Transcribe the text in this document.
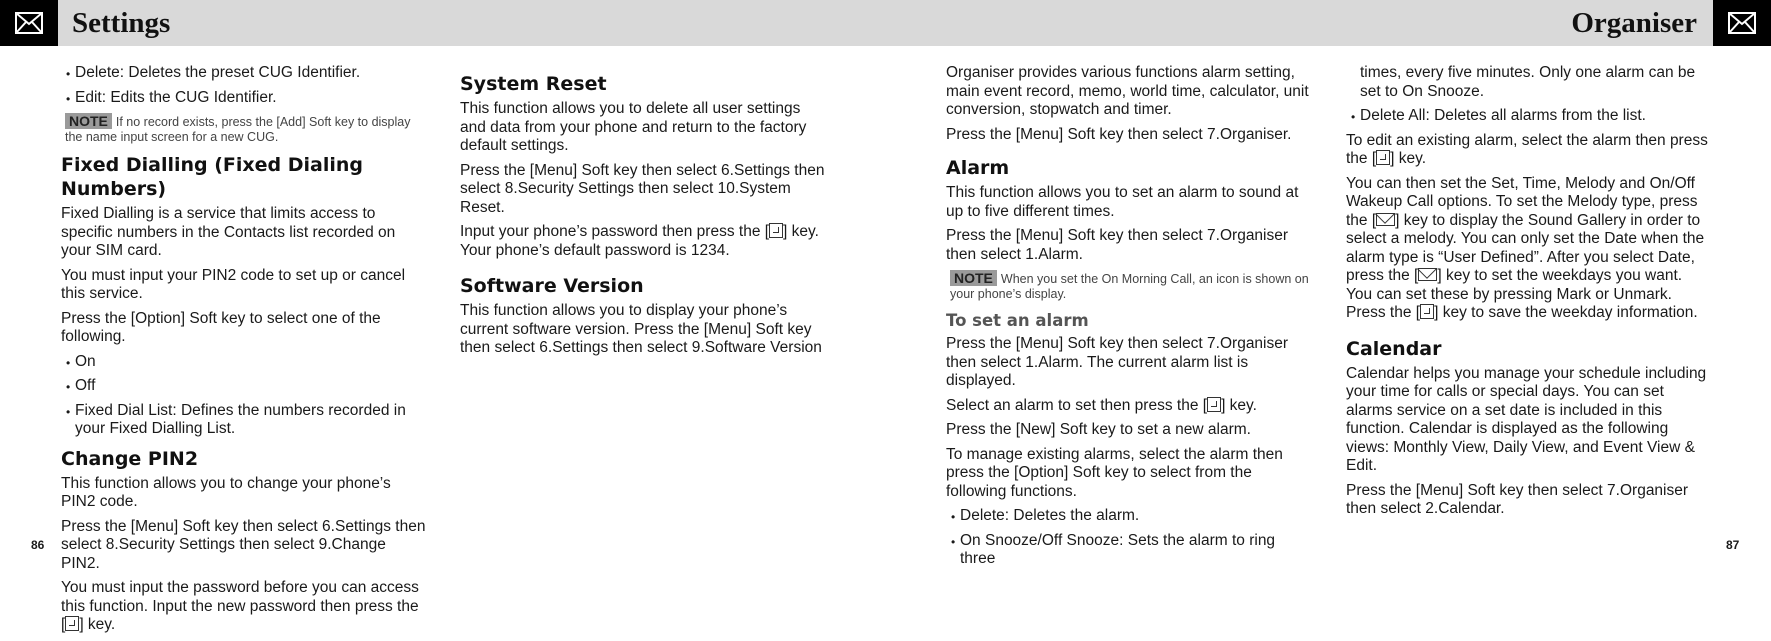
Settings	Organiser
• Delete: Deletes the preset CUG Identifier.
• Edit: Edits the CUG Identifier.
NOTE If no record exists, press the [Add] Soft key to display the name input screen for a new CUG.
Fixed Dialling (Fixed Dialing Numbers)

Fixed Dialling is a service that limits access to specific numbers in the Contacts list recorded on your SIM card.

You must input your PIN2 code to set up or cancel this service.

Press the [Option] Soft key to select one of the following.

• On
• Off
• Fixed Dial List: Defines the numbers recorded in your Fixed Dialling List.
Change PIN2

This function allows you to change your phone’s PIN2 code.

Press the [Menu] Soft key then select 6.Settings then select 8.Security Settings then select 9.Change PIN2.

You must input the password before you can access this function. Input the new password then press the [ ] key.

System Reset

This function allows you to delete all user settings and data from your phone and return to the factory default settings.

Press the [Menu] Soft key then select 6.Settings then select 8.Security Settings then select 10.System Reset.

Input your phone’s password then press the [ ] key. Your phone’s default password is 1234.

Software Version

This function allows you to display your phone’s current software version. Press the [Menu] Soft key then select 6.Settings then select 9.Software Version

Organiser provides various functions alarm setting, main event record, memo, world time, calculator, unit conversion, stopwatch and timer.

Press the [Menu] Soft key then select 7.Organiser.

Alarm

This function allows you to set an alarm to sound at up to five different times.

Press the [Menu] Soft key then select 7.Organiser then select 1.Alarm.

NOTE When you set the On Morning Call, an icon is shown on your phone’s display.
To set an alarm

Press the [Menu] Soft key then select 7.Organiser then select 1.Alarm. The current alarm list is displayed.

Select an alarm to set then press the [ ] key.

Press the [New] Soft key to set a new alarm.

To manage existing alarms, select the alarm then press the [Option] Soft key to select from the following functions.

• Delete: Deletes the alarm.
• On Snooze/Off Snooze: Sets the alarm to ring three

times, every five minutes. Only one alarm can be set to On Snooze.

• Delete All: Deletes all alarms from the list.

To edit an existing alarm, select the alarm then press the [ ] key.

You can then set the Set, Time, Melody and On/Off Wakeup Call options. To set the Melody type, press the [ ] key to display the Sound Gallery in order to select a melody. You can only set the Date when the alarm type is “User Defined”. After you select Date, press the [ ] key to set the weekdays you want. You can set these by pressing Mark or Unmark. Press the [ ] key to save the weekday information.

Calendar

Calendar helps you manage your schedule including your time for calls or special days. You can set alarms service on a set date is included in this function. Calendar is displayed as the following views: Monthly View, Daily View, and Event View & Edit.

Press the [Menu] Soft key then select 7.Organiser then select 2.Calendar.

86	87
